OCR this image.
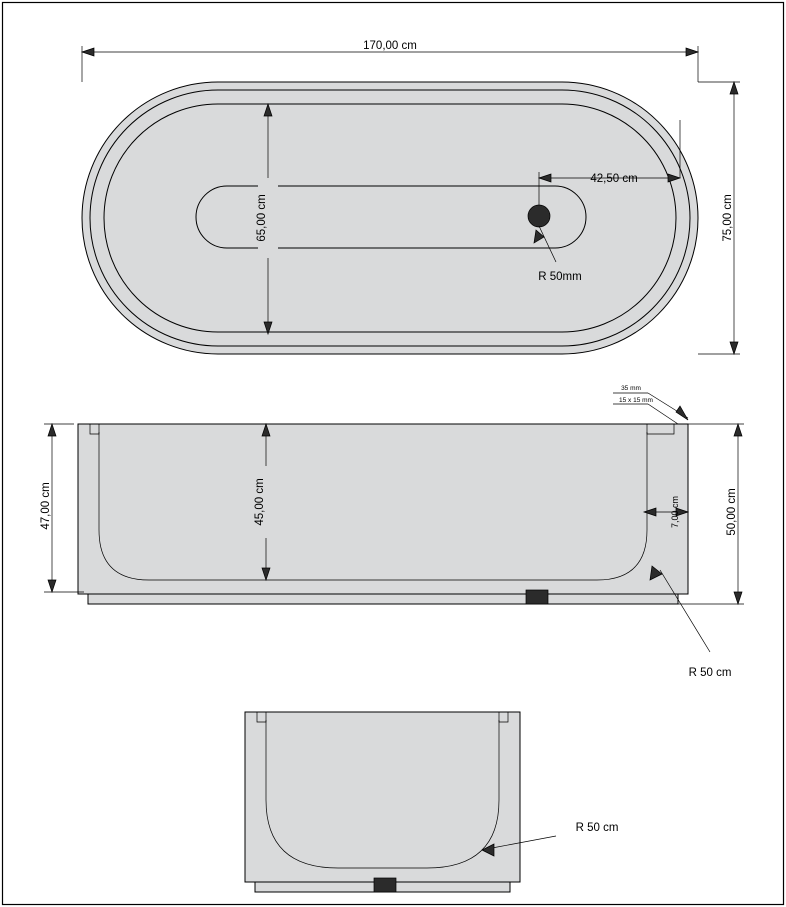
170,00 cm
75,00 cm
65,00 cm
42,50 cm
R 50mm
47,00 cm	45,00 cm	50,00 cm
7,00 cm
35 mm
15 x 15 mm
R 50 cm
R 50 cm
